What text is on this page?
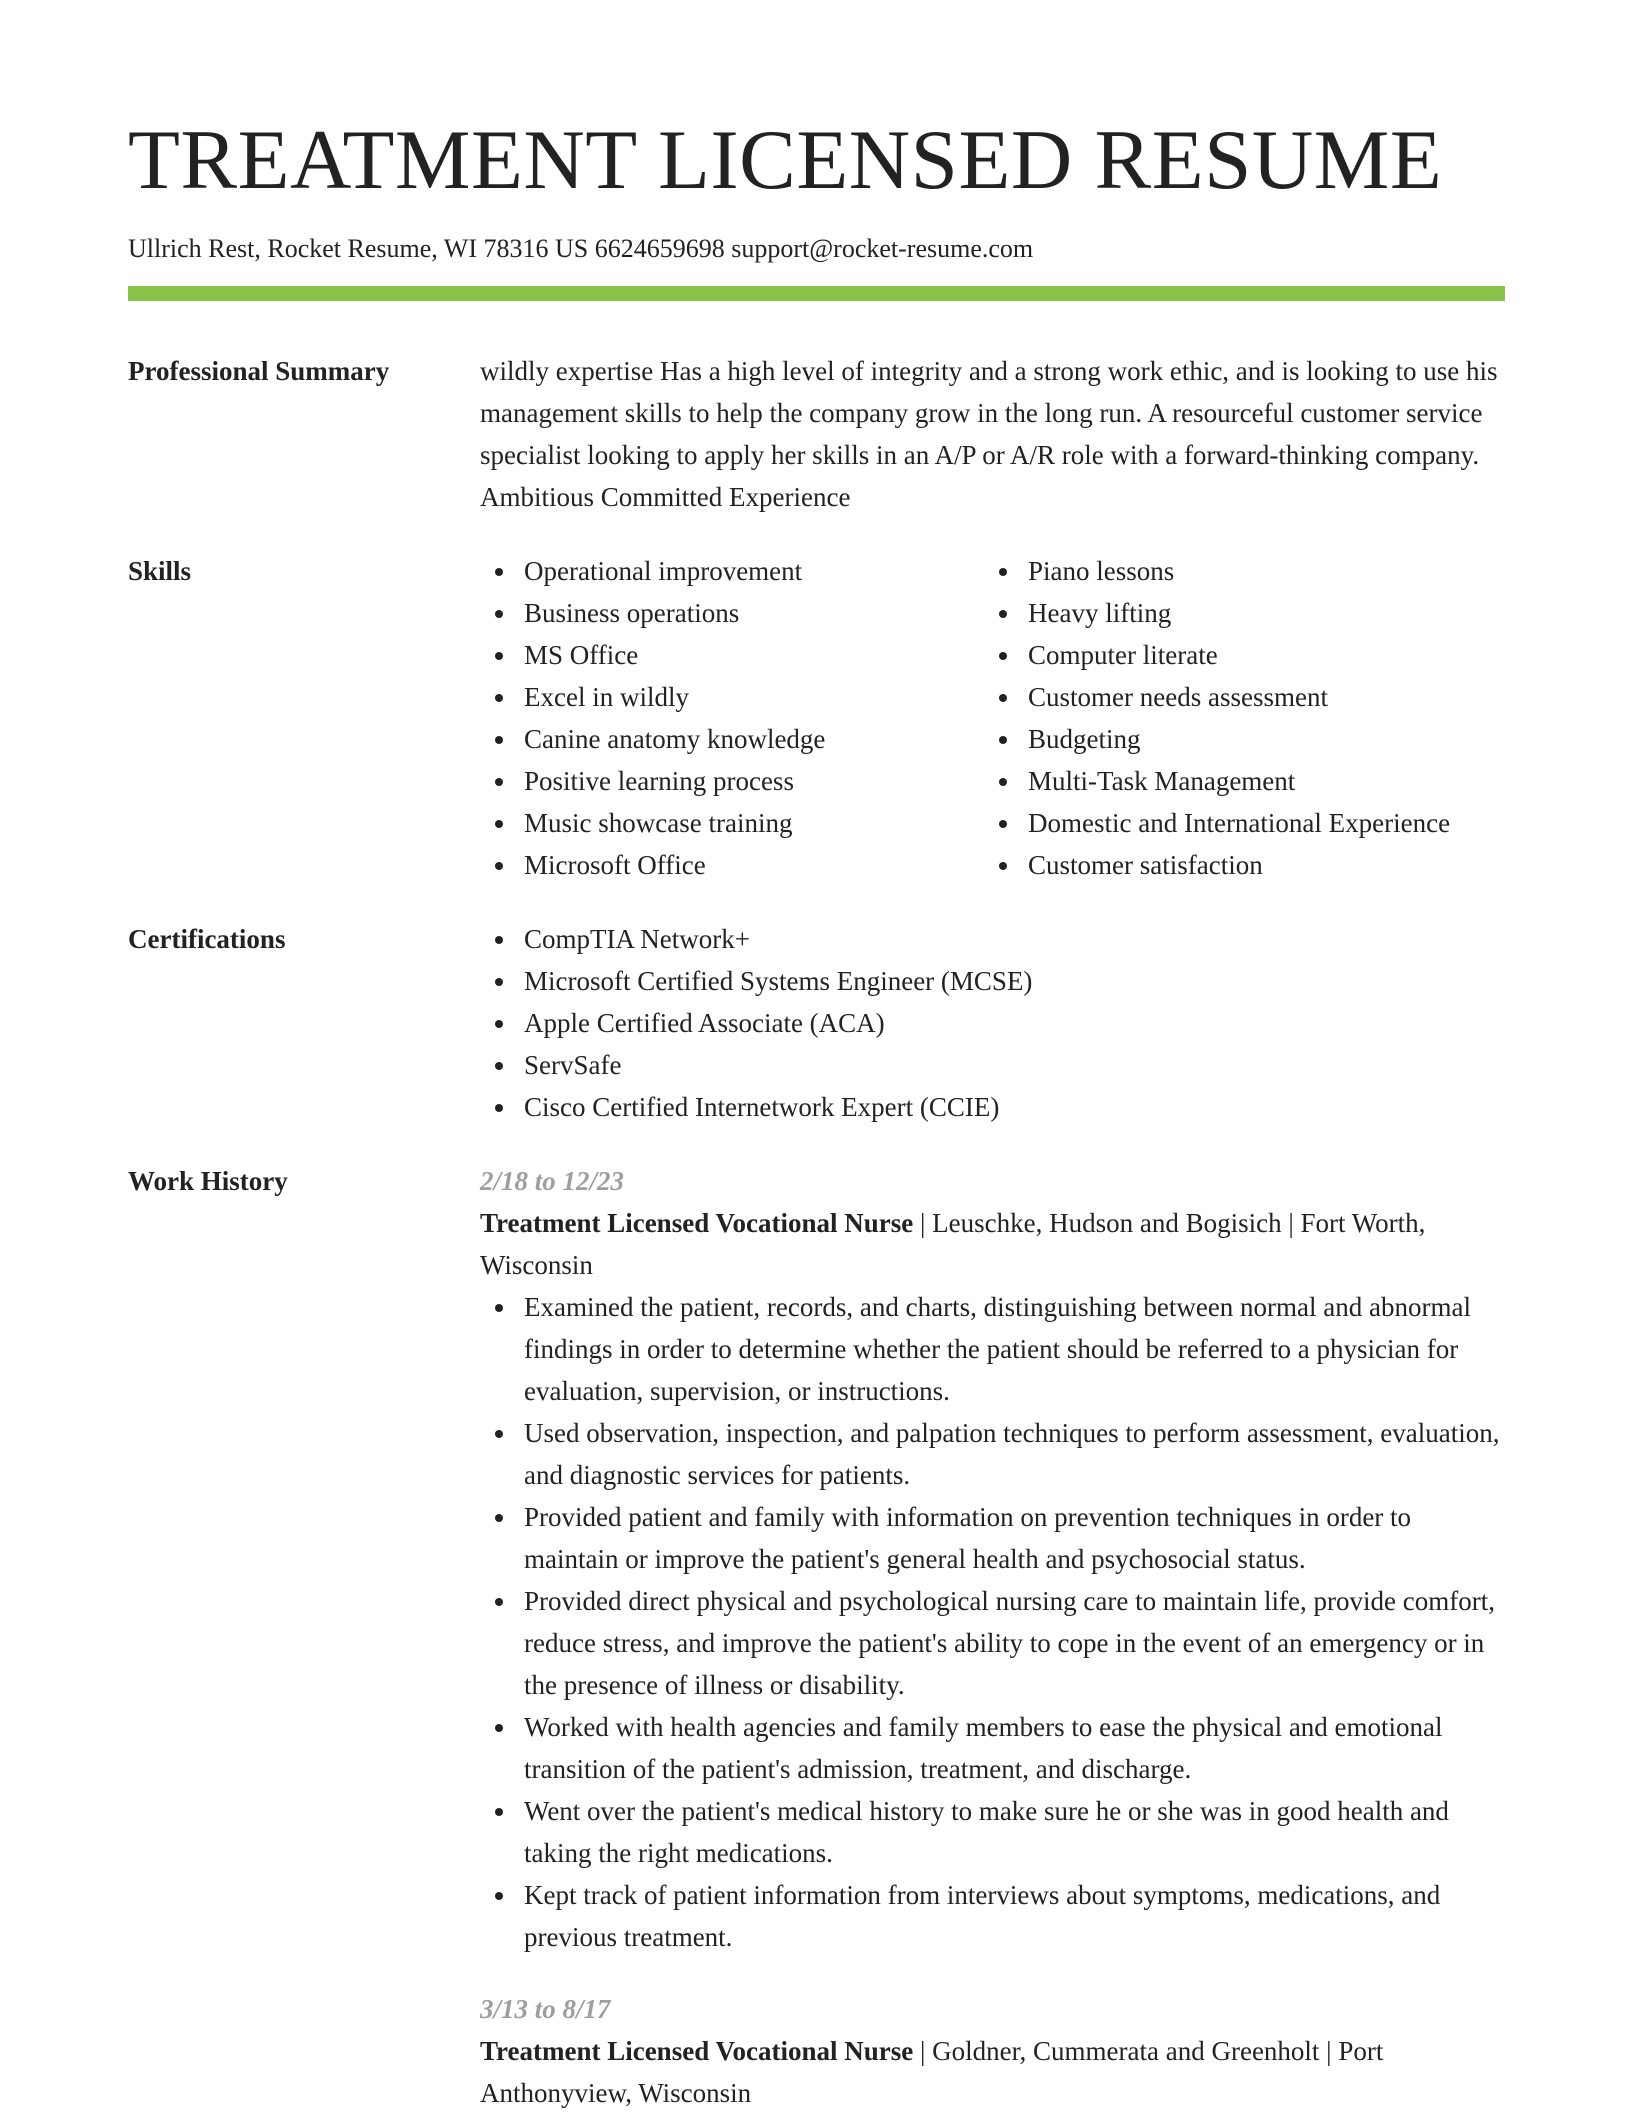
TREATMENT LICENSED RESUME
Ullrich Rest, Rocket Resume, WI 78316 US 6624659698 support@rocket-resume.com
Professional Summary	wildly expertise Has a high level of integrity and a strong work ethic, and is looking to use his management skills to help the company grow in the long run. A resourceful customer service specialist looking to apply her skills in an A/P or A/R role with a forward-thinking company. Ambitious Committed Experience

Skills	Operational improvement
Business operations
MS Office
Excel in wildly
Canine anatomy knowledge
Positive learning process
Music showcase training
Microsoft Office
Piano lessons
Heavy lifting
Computer literate
Customer needs assessment
Budgeting
Multi-Task Management
Domestic and International Experience
Customer satisfaction
Certifications	CompTIA Network+
Microsoft Certified Systems Engineer (MCSE)
Apple Certified Associate (ACA)
ServSafe
Cisco Certified Internetwork Expert (CCIE)
Work History	2/18 to 12/23
Treatment Licensed Vocational Nurse | Leuschke, Hudson and Bogisich | Fort Worth, Wisconsin
Examined the patient, records, and charts, distinguishing between normal and abnormal findings in order to determine whether the patient should be referred to a physician for evaluation, supervision, or instructions.
Used observation, inspection, and palpation techniques to perform assessment, evaluation, and diagnostic services for patients.
Provided patient and family with information on prevention techniques in order to maintain or improve the patient's general health and psychosocial status.
Provided direct physical and psychological nursing care to maintain life, provide comfort, reduce stress, and improve the patient's ability to cope in the event of an emergency or in the presence of illness or disability.
Worked with health agencies and family members to ease the physical and emotional transition of the patient's admission, treatment, and discharge.
Went over the patient's medical history to make sure he or she was in good health and taking the right medications.
Kept track of patient information from interviews about symptoms, medications, and previous treatment.
3/13 to 8/17
Treatment Licensed Vocational Nurse | Goldner, Cummerata and Greenholt | Port Anthonyview, Wisconsin
